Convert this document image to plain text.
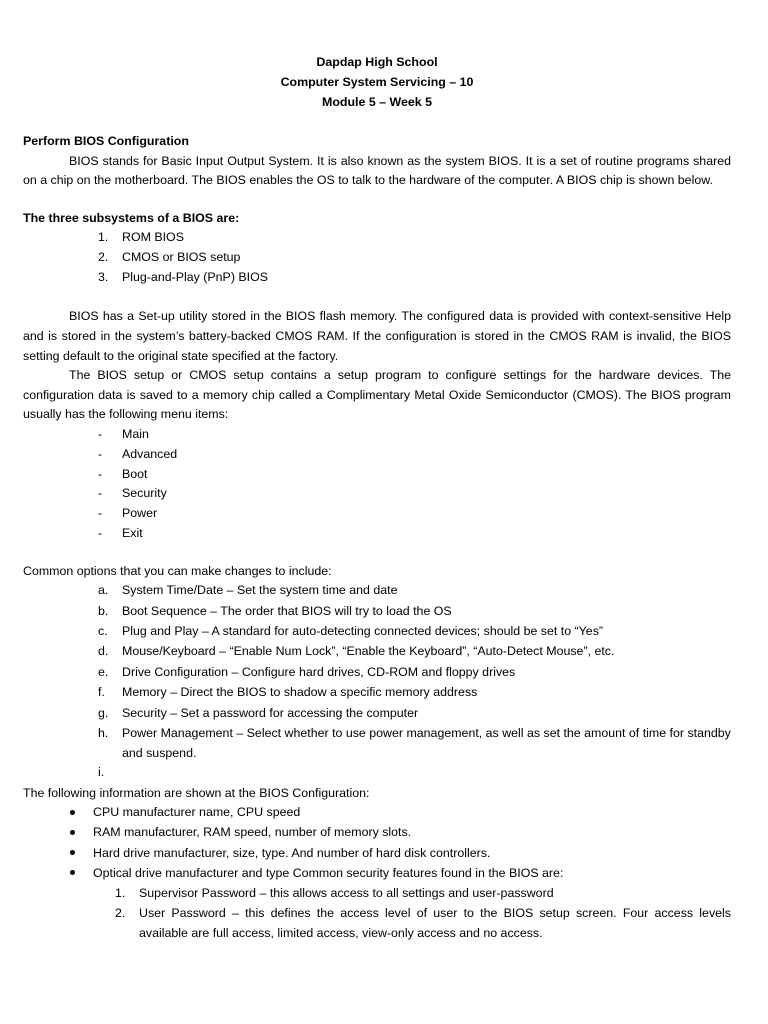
Dapdap High School
Computer System Servicing – 10
Module 5 – Week 5

Perform BIOS Configuration

BIOS stands for Basic Input Output System. It is also known as the system BIOS. It is a set of routine programs shared on a chip on the motherboard. The BIOS enables the OS to talk to the hardware of the computer. A BIOS chip is shown below.

The three subsystems of a BIOS are:

1. ROM BIOS
2. CMOS or BIOS setup
3. Plug-and-Play (PnP) BIOS

BIOS has a Set-up utility stored in the BIOS flash memory. The configured data is provided with context-sensitive Help and is stored in the system’s battery-backed CMOS RAM. If the configuration is stored in the CMOS RAM is invalid, the BIOS setting default to the original state specified at the factory.

The BIOS setup or CMOS setup contains a setup program to configure settings for the hardware devices. The configuration data is saved to a memory chip called a Complimentary Metal Oxide Semiconductor (CMOS). The BIOS program usually has the following menu items:

- Main
- Advanced
- Boot
- Security
- Power
- Exit

Common options that you can make changes to include:

a. System Time/Date – Set the system time and date
b. Boot Sequence – The order that BIOS will try to load the OS
c. Plug and Play – A standard for auto-detecting connected devices; should be set to “Yes”
d. Mouse/Keyboard – “Enable Num Lock”, “Enable the Keyboard”, “Auto-Detect Mouse”, etc.
e. Drive Configuration – Configure hard drives, CD-ROM and floppy drives
f. Memory – Direct the BIOS to shadow a specific memory address
g. Security – Set a password for accessing the computer
h. Power Management – Select whether to use power management, as well as set the amount of time for standby and suspend.
i.

The following information are shown at the BIOS Configuration:

CPU manufacturer name, CPU speed
RAM manufacturer, RAM speed, number of memory slots.
Hard drive manufacturer, size, type. And number of hard disk controllers.
Optical drive manufacturer and type Common security features found in the BIOS are:
1. Supervisor Password – this allows access to all settings and user-password
2. User Password – this defines the access level of user to the BIOS setup screen. Four access levels available are full access, limited access, view-only access and no access.
